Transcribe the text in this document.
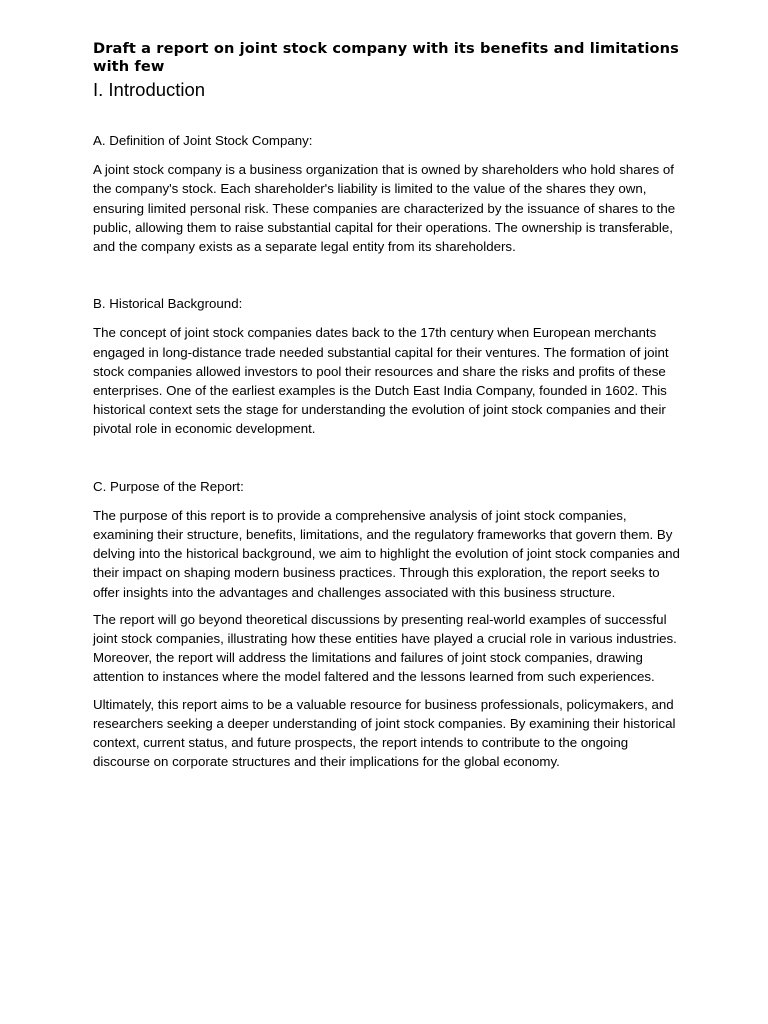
Draft a report on joint stock company with its benefits and limitations with few
I. Introduction

A. Definition of Joint Stock Company:

A joint stock company is a business organization that is owned by shareholders who hold shares of the company's stock. Each shareholder's liability is limited to the value of the shares they own, ensuring limited personal risk. These companies are characterized by the issuance of shares to the public, allowing them to raise substantial capital for their operations. The ownership is transferable, and the company exists as a separate legal entity from its shareholders.

B. Historical Background:

The concept of joint stock companies dates back to the 17th century when European merchants engaged in long-distance trade needed substantial capital for their ventures. The formation of joint stock companies allowed investors to pool their resources and share the risks and profits of these enterprises. One of the earliest examples is the Dutch East India Company, founded in 1602. This historical context sets the stage for understanding the evolution of joint stock companies and their pivotal role in economic development.

C. Purpose of the Report:

The purpose of this report is to provide a comprehensive analysis of joint stock companies, examining their structure, benefits, limitations, and the regulatory frameworks that govern them. By delving into the historical background, we aim to highlight the evolution of joint stock companies and their impact on shaping modern business practices. Through this exploration, the report seeks to offer insights into the advantages and challenges associated with this business structure.

The report will go beyond theoretical discussions by presenting real-world examples of successful joint stock companies, illustrating how these entities have played a crucial role in various industries. Moreover, the report will address the limitations and failures of joint stock companies, drawing attention to instances where the model faltered and the lessons learned from such experiences.

Ultimately, this report aims to be a valuable resource for business professionals, policymakers, and researchers seeking a deeper understanding of joint stock companies. By examining their historical context, current status, and future prospects, the report intends to contribute to the ongoing discourse on corporate structures and their implications for the global economy.
